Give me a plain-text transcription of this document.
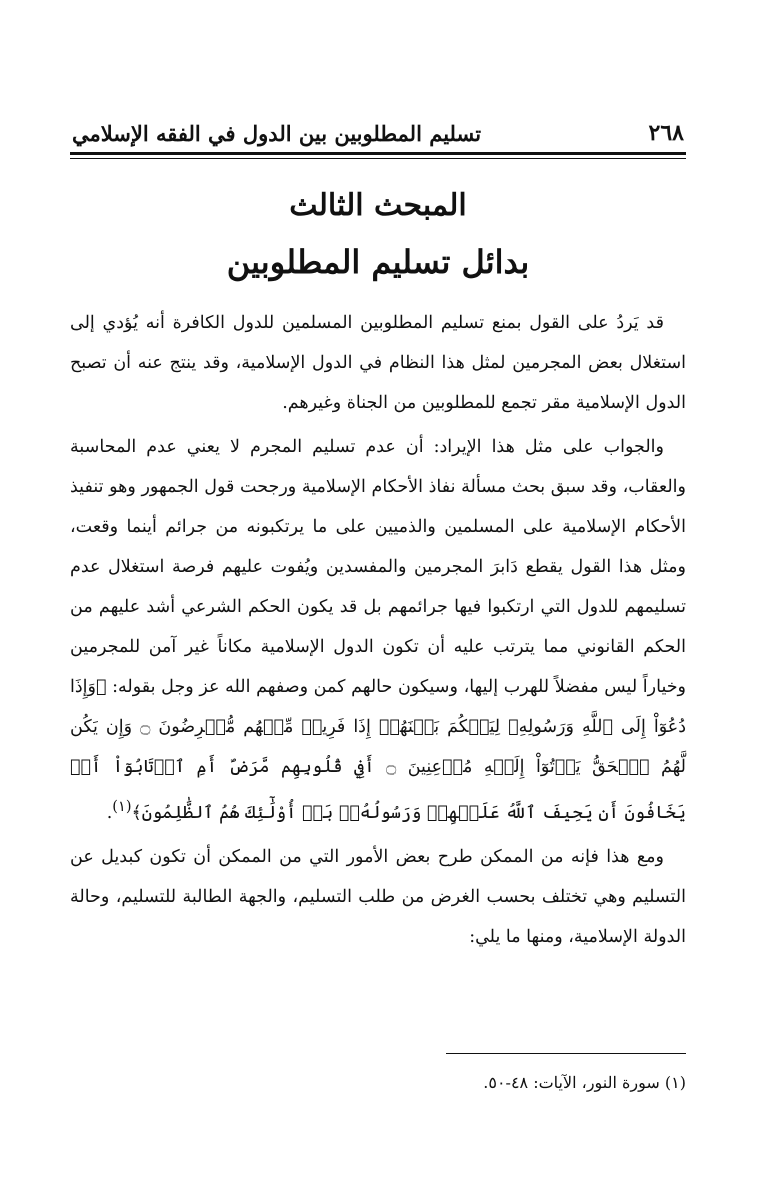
٢٦٨
تسليم المطلوبين بين الدول في الفقه الإسلامي
المبحث الثالث
بدائل تسليم المطلوبين

قد يَردُ على القول بمنع تسليم المطلوبين المسلمين للدول الكافرة أنه يُؤدي إلى استغلال بعض المجرمين لمثل هذا النظام في الدول الإسلامية، وقد ينتج عنه أن تصبح الدول الإسلامية مقر تجمع للمطلوبين من الجناة وغيرهم.

والجواب على مثل هذا الإيراد: أن عدم تسليم المجرم لا يعني عدم المحاسبة والعقاب، وقد سبق بحث مسألة نفاذ الأحكام الإسلامية ورجحت قول الجمهور وهو تنفيذ الأحكام الإسلامية على المسلمين والذميين على ما يرتكبونه من جرائم أينما وقعت، ومثل هذا القول يقطع دَابرَ المجرمين والمفسدين ويُفوت عليهم فرصة استغلال عدم تسليمهم للدول التي ارتكبوا فيها جرائمهم بل قد يكون الحكم الشرعي أشد عليهم من الحكم القانوني مما يترتب عليه أن تكون الدول الإسلامية مكاناً غير آمن للمجرمين وخياراً ليس مفضلاً للهرب إليها، وسيكون حالهم كمن وصفهم الله عز وجل بقوله: ﴿وَإِذَا دُعُوٓاْ إِلَى ٱللَّهِ وَرَسُولِهِۦ لِيَحۡكُمَ بَيۡنَهُمۡ إِذَا فَرِيقٞ مِّنۡهُم مُّعۡرِضُونَ ۝ وَإِن يَكُن لَّهُمُ ٱلۡحَقُّ يَأۡتُوٓاْ إِلَيۡهِ مُذۡعِنِينَ ۝ أَفِي قُلُوبِهِم مَّرَضٌ أَمِ ٱرۡتَابُوٓاْ أَمۡ يَخَافُونَ أَن يَحِيفَ ٱللَّهُ عَلَيۡهِمۡ وَرَسُولُهُۥۚ بَلۡ أُوْلَٰٓئِكَ هُمُ ٱلظَّٰلِمُونَ﴾$^{(١)}$.

ومع هذا فإنه من الممكن طرح بعض الأمور التي من الممكن أن تكون كبديل عن التسليم وهي تختلف بحسب الغرض من طلب التسليم، والجهة الطالبة للتسليم، وحالة الدولة الإسلامية، ومنها ما يلي:

(١) سورة النور، الآيات: ٤٨-٥٠.
